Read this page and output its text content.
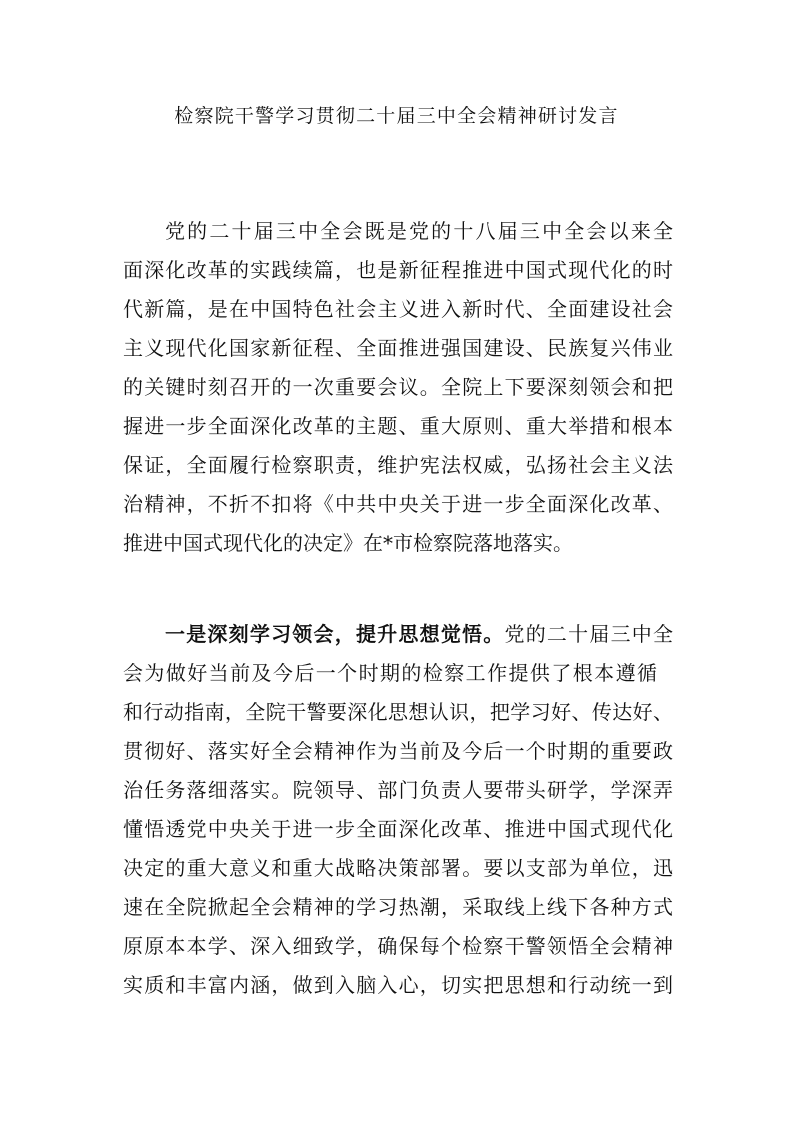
检察院干警学习贯彻二十届三中全会精神研讨发言
党的二十届三中全会既是党的十八届三中全会以来全
面深化改革的实践续篇，也是新征程推进中国式现代化的时
代新篇，是在中国特色社会主义进入新时代、全面建设社会
主义现代化国家新征程、全面推进强国建设、民族复兴伟业
的关键时刻召开的一次重要会议。全院上下要深刻领会和把
握进一步全面深化改革的主题、重大原则、重大举措和根本
保证，全面履行检察职责，维护宪法权威，弘扬社会主义法
治精神，不折不扣将《中共中央关于进一步全面深化改革、
推进中国式现代化的决定》在*市检察院落地落实。
一是深刻学习领会，提升思想觉悟。党的二十届三中全
会为做好当前及今后一个时期的检察工作提供了根本遵循
和行动指南，全院干警要深化思想认识，把学习好、传达好、
贯彻好、落实好全会精神作为当前及今后一个时期的重要政
治任务落细落实。院领导、部门负责人要带头研学，学深弄
懂悟透党中央关于进一步全面深化改革、推进中国式现代化
决定的重大意义和重大战略决策部署。要以支部为单位，迅
速在全院掀起全会精神的学习热潮，采取线上线下各种方式
原原本本学、深入细致学，确保每个检察干警领悟全会精神
实质和丰富内涵，做到入脑入心，切实把思想和行动统一到
